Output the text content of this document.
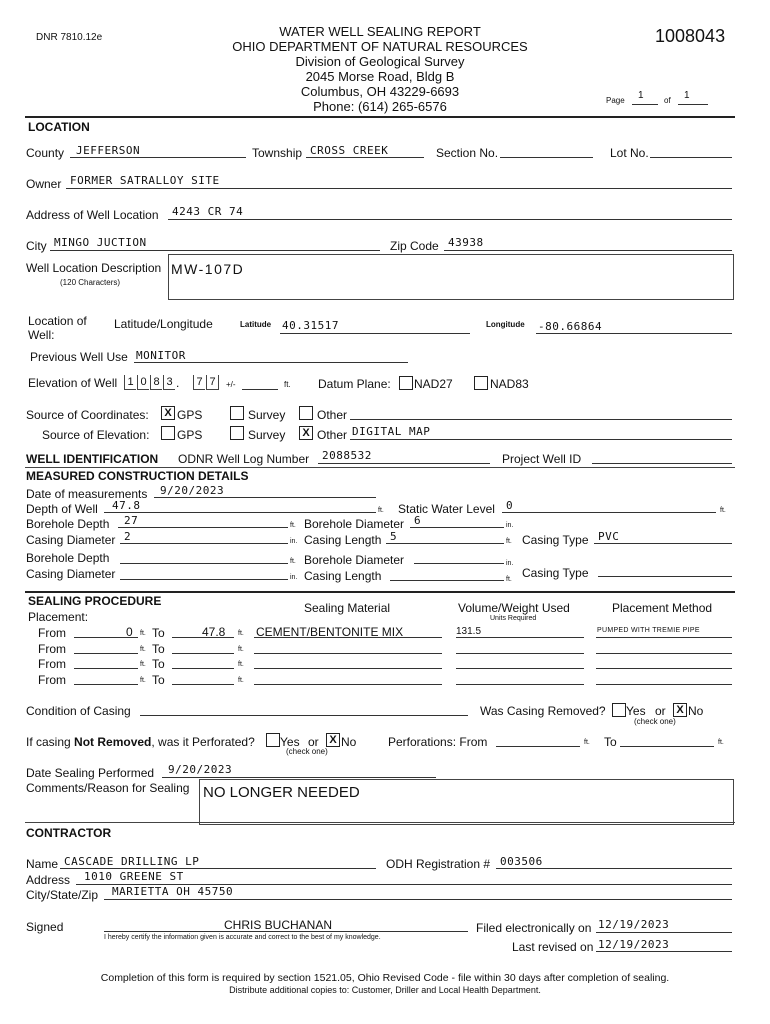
DNR 7810.12e	WATER WELL SEALING REPORT
OHIO DEPARTMENT OF NATURAL RESOURCES
Division of Geological Survey
2045 Morse Road, Bldg B
Columbus, OH 43229-6693
Phone: (614) 265-6576
1008043
Page 1	of 1
LOCATION
County JEFFERSON	Township CROSS CREEK	Section No.	Lot No.
Owner FORMER SATRALLOY SITE
Address of Well Location 4243 CR 74
City MINGO JUCTION	Zip Code 43938
Well Location Description
(120 Characters)
MW-107D
Location of
Well:
Latitude/Longitude	Latitude 40.31517	Longitude -80.66864
Previous Well Use MONITOR
Elevation of Well 1 0 8 3 .	7 7	+/-	ft. Datum Plane: NAD27	NAD83
Source of Coordinates:	X GPS	Survey	Other
Source of Elevation: GPS	Survey	X Other DIGITAL MAP
WELL IDENTIFICATION ODNR Well Log Number 2088532	Project Well ID
MEASURED CONSTRUCTION DETAILS
Date of measurements 9/20/2023
Depth of Well 47.8	ft. Static Water Level 0	ft.
Borehole Depth 27	ft. Borehole Diameter 6	in.
Casing Diameter 2	in. Casing Length 5	ft. Casing Type PVC
Borehole Depth	ft. Borehole Diameter	in.
Casing Diameter	in. Casing Length	ft. Casing Type
SEALING PROCEDURE
Placement:
Sealing Material	Volume/Weight Used
Units Required
Placement Method
From	0 ft. To	47.8 ft. CEMENT/BENTONITE MIX	131.5	PUMPED WITH TREMIE PIPE
From	ft. To	ft.
From	ft. To	ft.
From	ft. To	ft.
Condition of Casing	Was Casing Removed? Yes or X No
(check one)
If casing Not Removed, was it Perforated? Yes or X No
(check one)
Perforations: From	ft. To	ft.
Date Sealing Performed 9/20/2023
Comments/Reason for Sealing NO LONGER NEEDED
CONTRACTOR
Name CASCADE DRILLING LP	ODH Registration # 003506
Address 1010 GREENE ST
City/State/Zip MARIETTA OH 45750
Signed	CHRIS BUCHANAN
I hereby certify the information given is accurate and correct to the best of my knowledge.
Filed electronically on 12/19/2023
Last revised on 12/19/2023
Completion of this form is required by section 1521.05, Ohio Revised Code - file within 30 days after completion of sealing.
Distribute additional copies to: Customer, Driller and Local Health Department.
